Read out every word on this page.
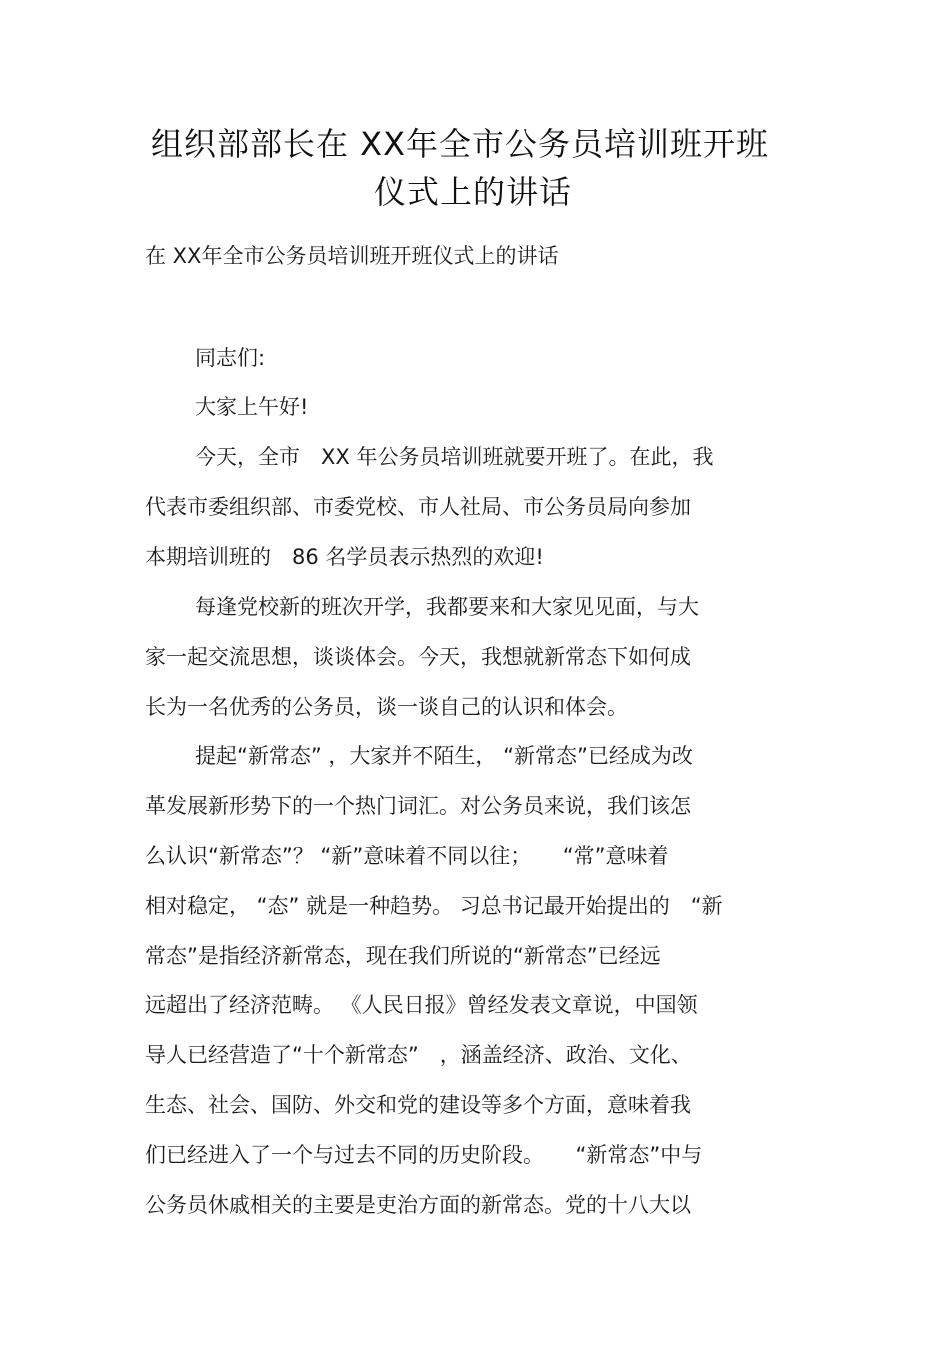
组织部部长在 XX年全市公务员培训班开班
仪式上的讲话
在 XX年全市公务员培训班开班仪式上的讲话
同志们:
大家上午好!
今天，全市　XX 年公务员培训班就要开班了。在此，我
代表市委组织部、市委党校、市人社局、市公务员局向参加
本期培训班的　86 名学员表示热烈的欢迎!
每逢党校新的班次开学，我都要来和大家见见面，与大
家一起交流思想，谈谈体会。今天，我想就新常态下如何成
长为一名优秀的公务员，谈一谈自己的认识和体会。
提起“新常态” ，大家并不陌生， “新常态”已经成为改
革发展新形势下的一个热门词汇。对公务员来说，我们该怎
么认识“新常态”？ “新”意味着不同以往；　　“常”意味着
相对稳定， “态” 就是一种趋势。 习总书记最开始提出的　“新
常态”是指经济新常态，现在我们所说的“新常态”已经远
远超出了经济范畴。 《人民日报》曾经发表文章说，中国领
导人已经营造了“十个新常态”　，涵盖经济、政治、文化、
生态、社会、国防、外交和党的建设等多个方面，意味着我
们已经进入了一个与过去不同的历史阶段。　　“新常态”中与
公务员休戚相关的主要是吏治方面的新常态。党的十八大以
